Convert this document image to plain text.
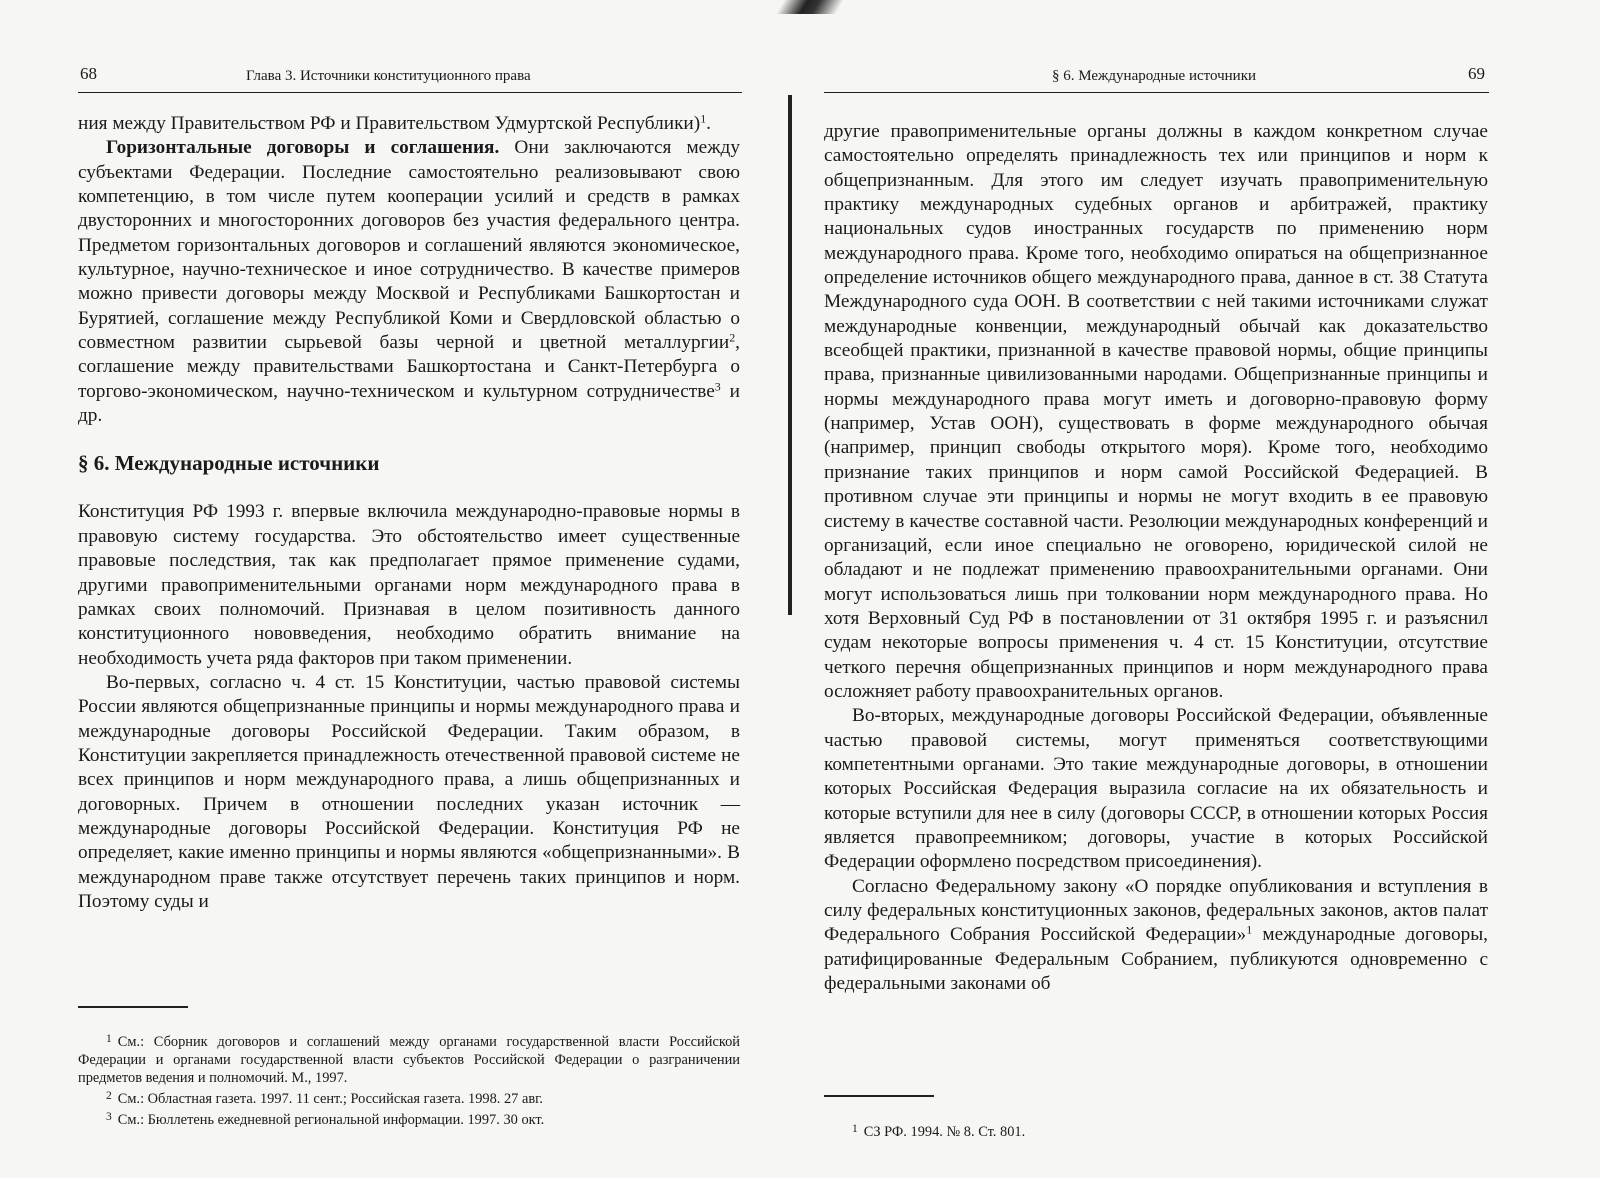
68	Глава 3. Источники конституционного права

ния между Правительством РФ и Правительством Удмуртской Республики)$^1$.

Горизонтальные договоры и соглашения. Они заключаются между субъектами Федерации. Последние самостоятельно реализовывают свою компетенцию, в том числе путем кооперации усилий и средств в рамках двусторонних и многосторонних договоров без участия федерального центра. Предметом горизонтальных договоров и соглашений являются экономическое, культурное, научно-техническое и иное сотрудничество. В качестве примеров можно привести договоры между Москвой и Республиками Башкортостан и Бурятией, соглашение между Республикой Коми и Свердловской областью о совместном развитии сырьевой базы черной и цветной металлургии$^2$, соглашение между правительствами Башкортостана и Санкт-Петербурга о торгово-экономическом, научно-техническом и культурном сотрудничестве$^3$ и др.

§ 6. Международные источники

Конституция РФ 1993 г. впервые включила международно-правовые нормы в правовую систему государства. Это обстоятельство имеет существенные правовые последствия, так как предполагает прямое применение судами, другими правоприменительными органами норм международного права в рамках своих полномочий. Признавая в целом позитивность данного конституционного нововведения, необходимо обратить внимание на необходимость учета ряда факторов при таком применении.

Во-первых, согласно ч. 4 ст. 15 Конституции, частью правовой системы России являются общепризнанные принципы и нормы международного права и международные договоры Российской Федерации. Таким образом, в Конституции закрепляется принадлежность отечественной правовой системе не всех принципов и норм международного права, а лишь общепризнанных и договорных. Причем в отношении последних указан источник — международные договоры Российской Федерации. Конституция РФ не определяет, какие именно принципы и нормы являются «общепризнанными». В международном праве также отсутствует перечень таких принципов и норм. Поэтому суды и

$^1$ См.: Сборник договоров и соглашений между органами государственной власти Российской Федерации и органами государственной власти субъектов Российской Федерации о разграничении предметов ведения и полномочий. М., 1997.

$^2$ См.: Областная газета. 1997. 11 сент.; Российская газета. 1998. 27 авг.

$^3$ См.: Бюллетень ежедневной региональной информации. 1997. 30 окт.

§ 6. Международные источники	69

другие правоприменительные органы должны в каждом конкретном случае самостоятельно определять принадлежность тех или принципов и норм к общепризнанным. Для этого им следует изучать правоприменительную практику международных судебных органов и арбитражей, практику национальных судов иностранных государств по применению норм международного права. Кроме того, необходимо опираться на общепризнанное определение источников общего международного права, данное в ст. 38 Статута Международного суда ООН. В соответствии с ней такими источниками служат международные конвенции, международный обычай как доказательство всеобщей практики, признанной в качестве правовой нормы, общие принципы права, признанные цивилизованными народами. Общепризнанные принципы и нормы международного права могут иметь и договорно-правовую форму (например, Устав ООН), существовать в форме международного обычая (например, принцип свободы открытого моря). Кроме того, необходимо признание таких принципов и норм самой Российской Федерацией. В противном случае эти принципы и нормы не могут входить в ее правовую систему в качестве составной части. Резолюции международных конференций и организаций, если иное специально не оговорено, юридической силой не обладают и не подлежат применению правоохранительными органами. Они могут использоваться лишь при толковании норм международного права. Но хотя Верховный Суд РФ в постановлении от 31 октября 1995 г. и разъяснил судам некоторые вопросы применения ч. 4 ст. 15 Конституции, отсутствие четкого перечня общепризнанных принципов и норм международного права осложняет работу правоохранительных органов.

Во-вторых, международные договоры Российской Федерации, объявленные частью правовой системы, могут применяться соответствующими компетентными органами. Это такие международные договоры, в отношении которых Российская Федерация выразила согласие на их обязательность и которые вступили для нее в силу (договоры СССР, в отношении которых Россия является правопреемником; договоры, участие в которых Российской Федерации оформлено посредством присоединения).

Согласно Федеральному закону «О порядке опубликования и вступления в силу федеральных конституционных законов, федеральных законов, актов палат Федерального Собрания Российской Федерации»$^1$ международные договоры, ратифицированные Федеральным Собранием, публикуются одновременно с федеральными законами об

$^1$ СЗ РФ. 1994. № 8. Ст. 801.
